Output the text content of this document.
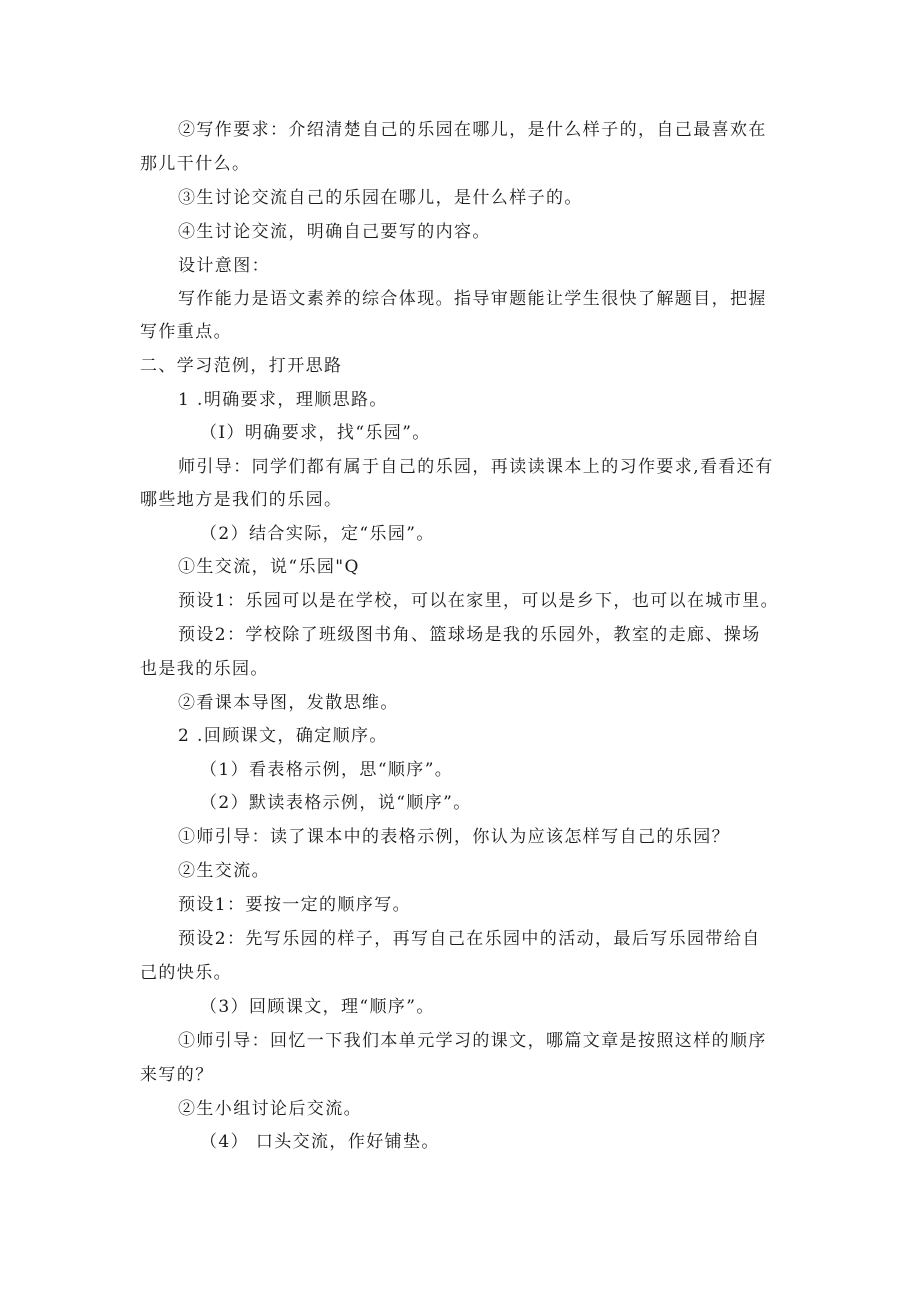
②写作要求：介绍清楚自己的乐园在哪儿，是什么样子的，自己最喜欢在
那儿干什么。
③生讨论交流自己的乐园在哪儿，是什么样子的。
④生讨论交流，明确自己要写的内容。
设计意图：
写作能力是语文素养的综合体现。指导审题能让学生很快了解题目，把握
写作重点。
二、学习范例，打开思路
1 .明确要求，理顺思路。
（I）明确要求，找“乐园”。
师引导：同学们都有属于自己的乐园，再读读课本上的习作要求,看看还有
哪些地方是我们的乐园。
（2）结合实际，定“乐园”。
①生交流，说“乐园"Q
预设1：乐园可以是在学校，可以在家里，可以是乡下，也可以在城市里。
预设2：学校除了班级图书角、篮球场是我的乐园外，教室的走廊、操场
也是我的乐园。
②看课本导图，发散思维。
2 .回顾课文，确定顺序。
（1）看表格示例，思“顺序”。
（2）默读表格示例，说“顺序”。
①师引导：读了课本中的表格示例，你认为应该怎样写自己的乐园？
②生交流。
预设1：要按一定的顺序写。
预设2：先写乐园的样子，再写自己在乐园中的活动，最后写乐园带给自
己的快乐。
（3）回顾课文，理“顺序”。
①师引导：回忆一下我们本单元学习的课文，哪篇文章是按照这样的顺序
来写的？
②生小组讨论后交流。
（4） 口头交流，作好铺垫。
